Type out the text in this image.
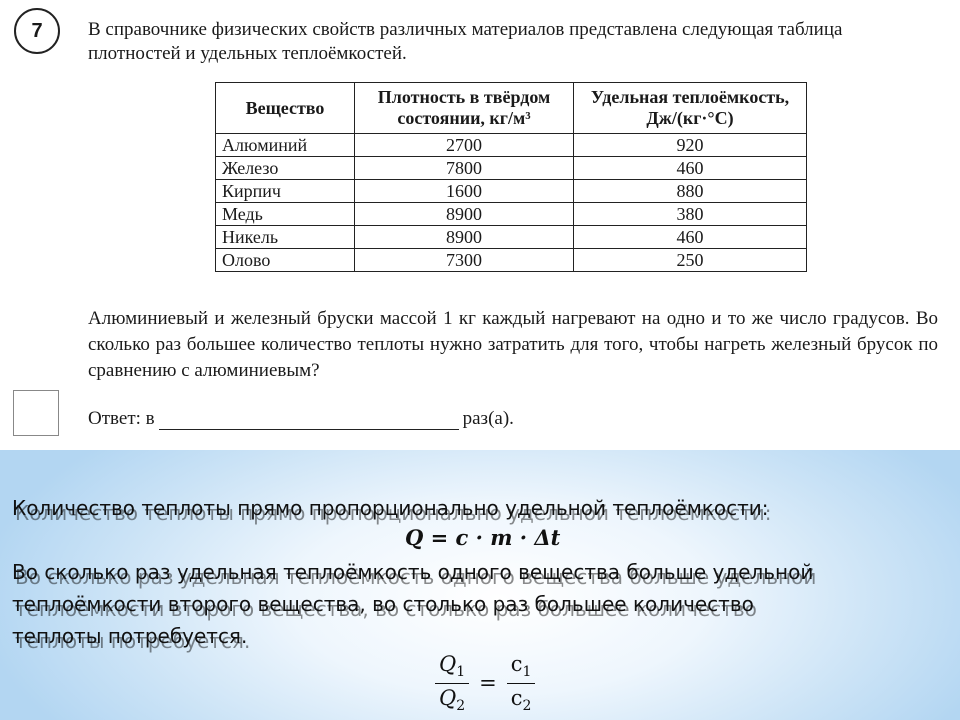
7 В справочнике физических свойств различных материалов представлена следующая таблица плотностей и удельных теплоёмкостей.

Вещество	Плотность в твёрдом состоянии, кг/м³	Удельная теплоёмкость, Дж/(кг·°С)
Алюминий	2700	920
Железо	7800	460
Кирпич	1600	880
Медь	8900	380
Никель	8900	460
Олово	7300	250

Алюминиевый и железный бруски массой 1 кг каждый нагревают на одно и то же число градусов. Во сколько раз большее количество теплоты нужно затратить для того, чтобы нагреть железный брусок по сравнению с алюминиевым?

Ответ: в	раз(а).

Количество теплоты прямо пропорционально удельной теплоёмкости:

Q = c · m · Δt

Во сколько раз удельная теплоёмкость одного вещества больше удельной

теплоёмкости второго вещества, во столько раз большее количество

теплоты потребуется.

$\frac{Q_1}{Q_2} = \frac{c_1}{c_2}$
